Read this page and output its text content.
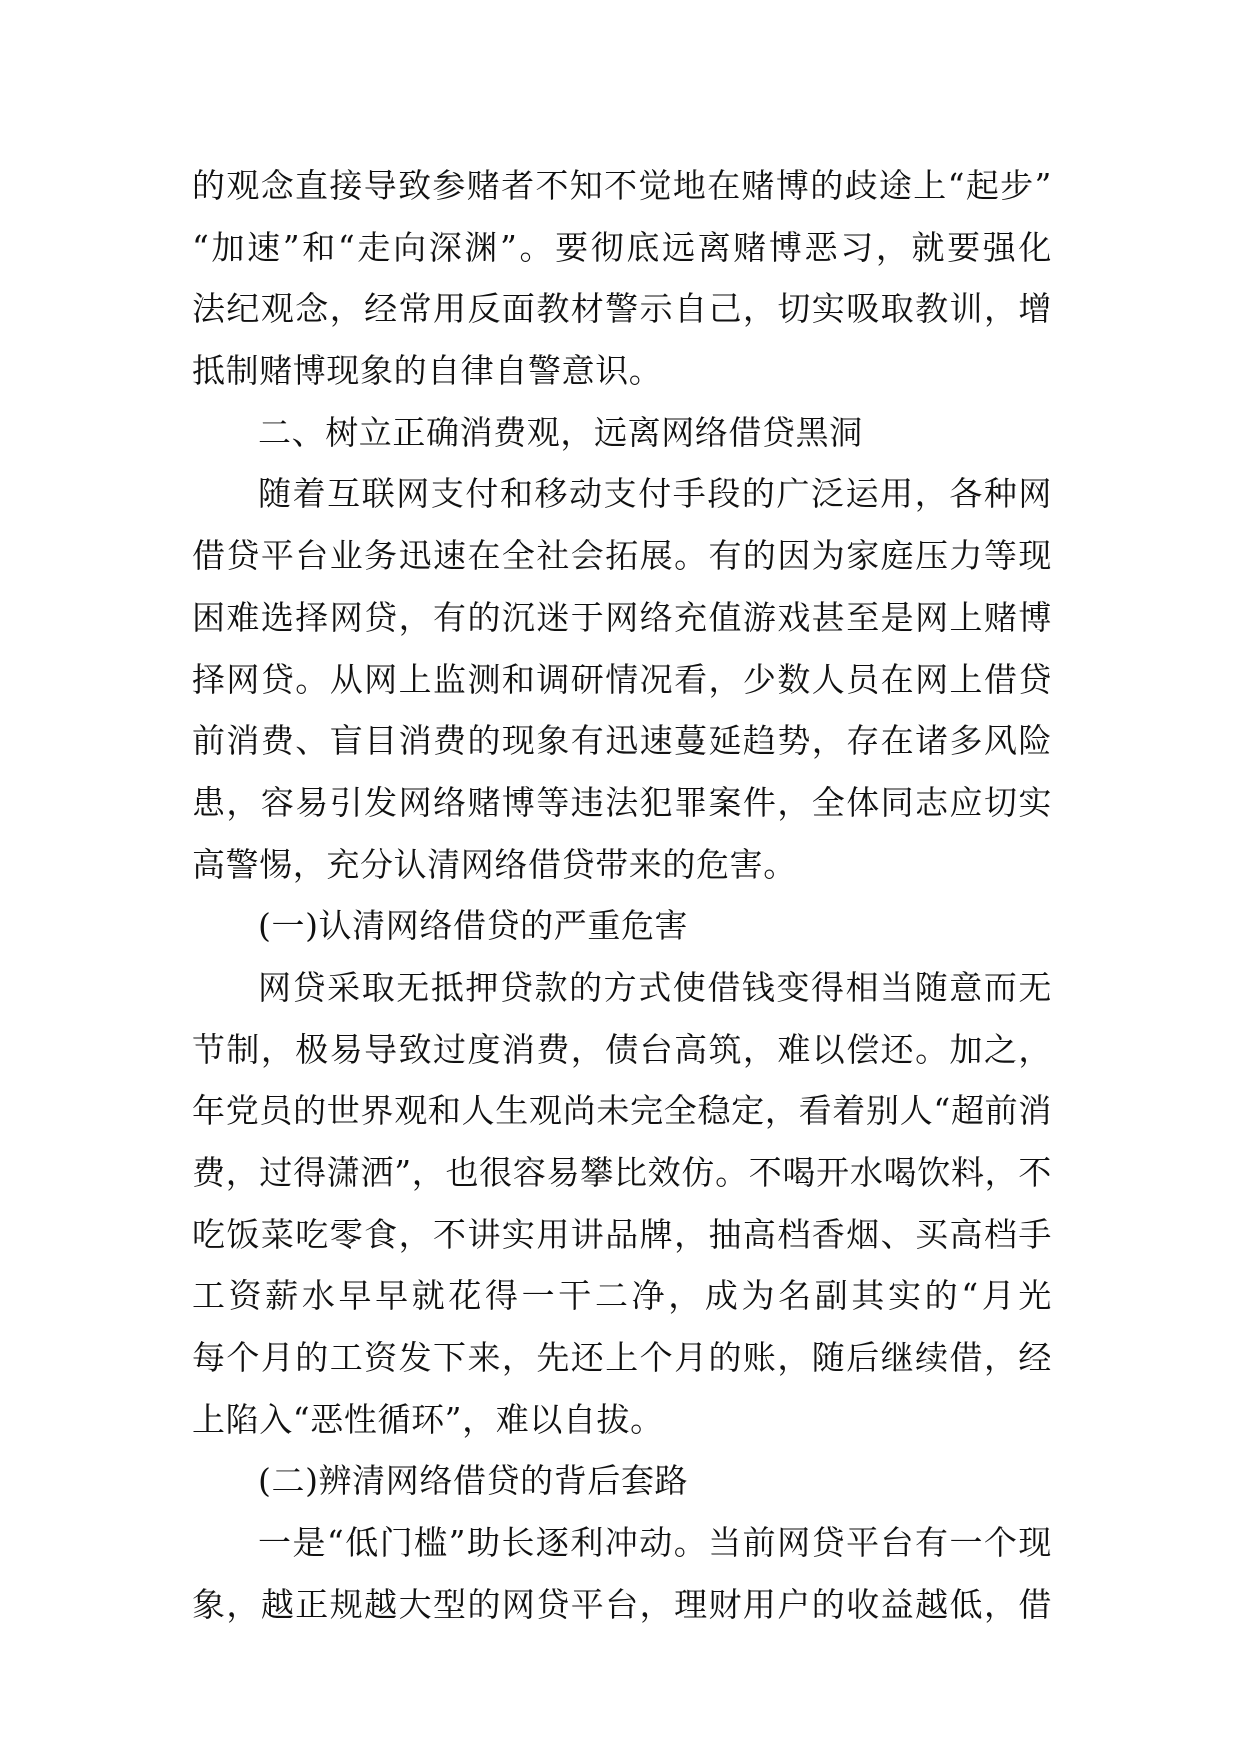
的观念直接导致参赌者不知不觉地在赌博的歧途上“起步”
“加速”和“走向深渊”。要彻底远离赌博恶习，就要强化
法纪观念，经常用反面教材警示自己，切实吸取教训，增
抵制赌博现象的自律自警意识。
二、树立正确消费观，远离网络借贷黑洞
随着互联网支付和移动支付手段的广泛运用，各种网
借贷平台业务迅速在全社会拓展。有的因为家庭压力等现
困难选择网贷，有的沉迷于网络充值游戏甚至是网上赌博
择网贷。从网上监测和调研情况看，少数人员在网上借贷
前消费、盲目消费的现象有迅速蔓延趋势，存在诸多风险
患，容易引发网络赌博等违法犯罪案件，全体同志应切实
高警惕，充分认清网络借贷带来的危害。
(一)认清网络借贷的严重危害
网贷采取无抵押贷款的方式使借钱变得相当随意而无
节制，极易导致过度消费，债台高筑，难以偿还。加之，
年党员的世界观和人生观尚未完全稳定，看着别人“超前消
费，过得潇洒”，也很容易攀比效仿。不喝开水喝饮料，不
吃饭菜吃零食，不讲实用讲品牌，抽高档香烟、买高档手
工资薪水早早就花得一干二净，成为名副其实的“月光
每个月的工资发下来，先还上个月的账，随后继续借，经
上陷入“恶性循环”，难以自拔。
(二)辨清网络借贷的背后套路
一是“低门槛”助长逐利冲动。当前网贷平台有一个现
象，越正规越大型的网贷平台，理财用户的收益越低，借
